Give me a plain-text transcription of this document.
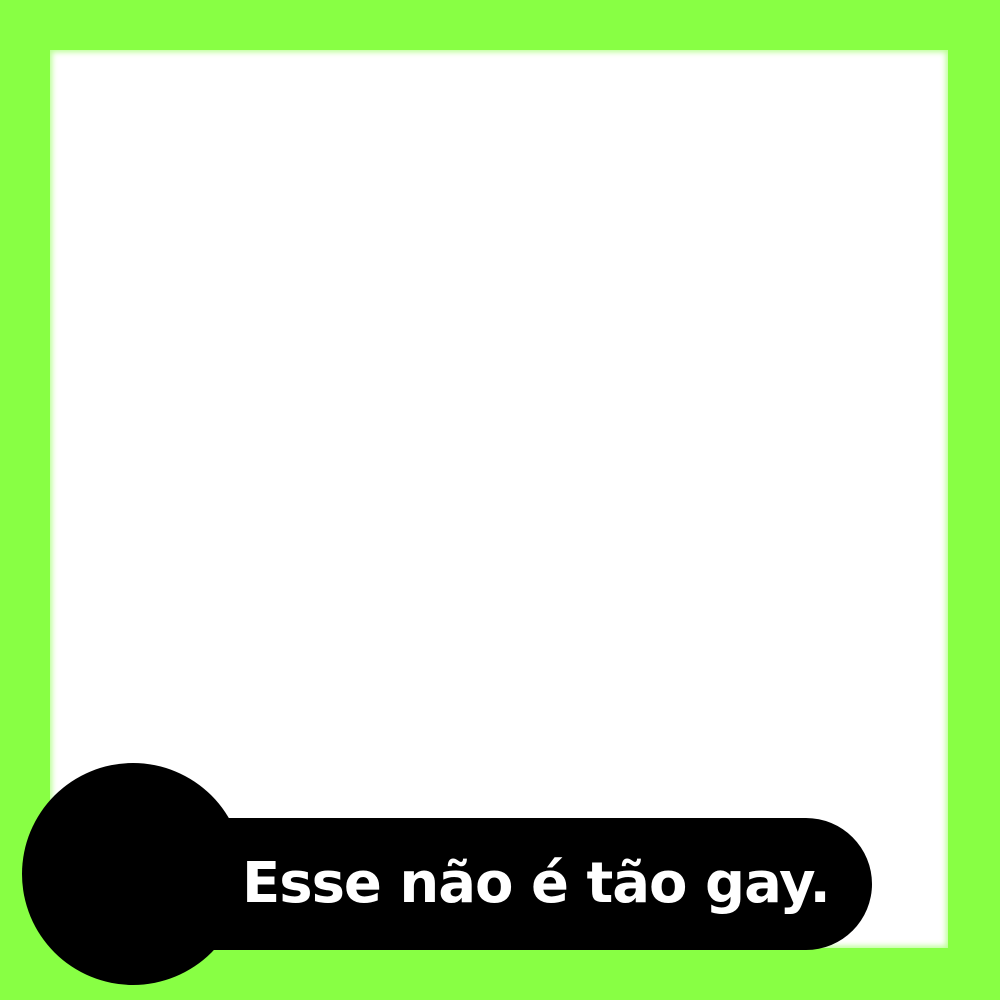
Esse não é tão gay.
